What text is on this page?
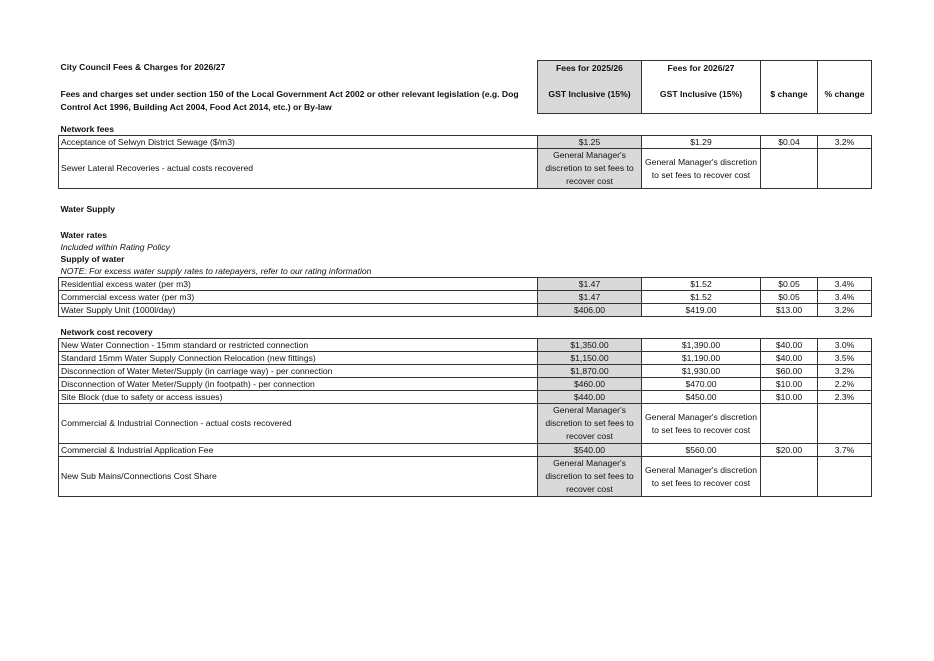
City Council Fees & Charges for 2026/27	Fees for 2025/26	Fees for 2026/27		
Fees and charges set under section 150 of the Local Government Act 2002 or other relevant legislation (e.g. Dog Control Act 1996, Building Act 2004, Food Act 2014, etc.) or By-law	GST Inclusive (15%)	GST Inclusive (15%)	$ change	% change

Network fees				
Acceptance of Selwyn District Sewage ($/m3)	$1.25	$1.29	$0.04	3.2%
Sewer Lateral Recoveries - actual costs recovered	General Manager's discretion to set fees to recover cost	General Manager's discretion to set fees to recover cost		

Water Supply				

Water rates				
Included within Rating Policy				
Supply of water				
NOTE: For excess water supply rates to ratepayers, refer to our rating information				
Residential excess water (per m3)	$1.47	$1.52	$0.05	3.4%
Commercial excess water (per m3)	$1.47	$1.52	$0.05	3.4%
Water Supply Unit (1000l/day)	$406.00	$419.00	$13.00	3.2%

Network cost recovery				
New Water Connection - 15mm standard or restricted connection	$1,350.00	$1,390.00	$40.00	3.0%
Standard 15mm Water Supply Connection Relocation (new fittings)	$1,150.00	$1,190.00	$40.00	3.5%
Disconnection of Water Meter/Supply (in carriage way) - per connection	$1,870.00	$1,930.00	$60.00	3.2%
Disconnection of Water Meter/Supply (in footpath) - per connection	$460.00	$470.00	$10.00	2.2%
Site Block (due to safety or access issues)	$440.00	$450.00	$10.00	2.3%
Commercial & Industrial Connection - actual costs recovered	General Manager's discretion to set fees to recover cost	General Manager's discretion to set fees to recover cost		
Commercial & Industrial Application Fee	$540.00	$560.00	$20.00	3.7%
New Sub Mains/Connections Cost Share	General Manager's discretion to set fees to recover cost	General Manager's discretion to set fees to recover cost		
